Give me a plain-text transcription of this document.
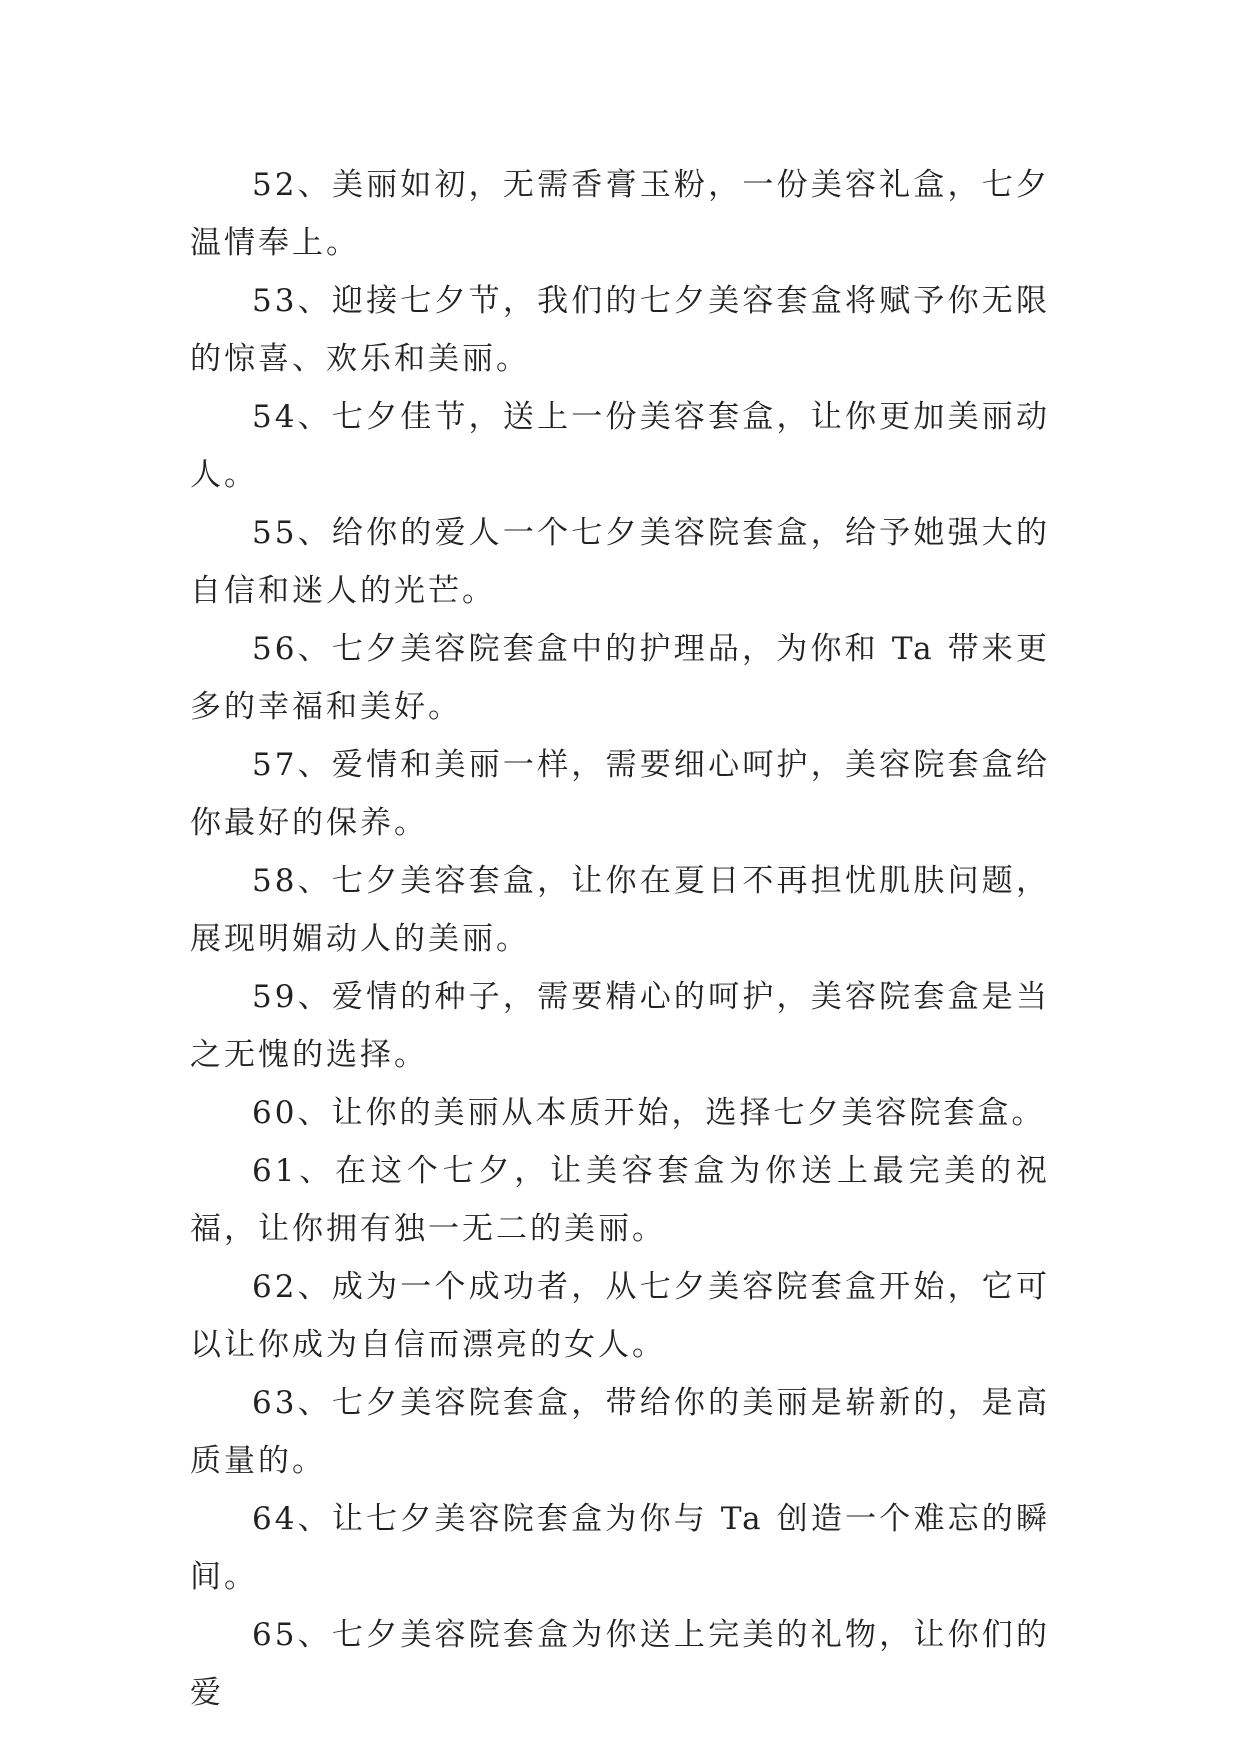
52、美丽如初，无需香膏玉粉，一份美容礼盒，七夕温情奉上。

53、迎接七夕节，我们的七夕美容套盒将赋予你无限的惊喜、欢乐和美丽。

54、七夕佳节，送上一份美容套盒，让你更加美丽动人。

55、给你的爱人一个七夕美容院套盒，给予她强大的自信和迷人的光芒。

56、七夕美容院套盒中的护理品，为你和 Ta 带来更多的幸福和美好。

57、爱情和美丽一样，需要细心呵护，美容院套盒给你最好的保养。

58、七夕美容套盒，让你在夏日不再担忧肌肤问题，展现明媚动人的美丽。

59、爱情的种子，需要精心的呵护，美容院套盒是当之无愧的选择。

60、让你的美丽从本质开始，选择七夕美容院套盒。

61、在这个七夕，让美容套盒为你送上最完美的祝福，让你拥有独一无二的美丽。

62、成为一个成功者，从七夕美容院套盒开始，它可以让你成为自信而漂亮的女人。

63、七夕美容院套盒，带给你的美丽是崭新的，是高质量的。

64、让七夕美容院套盒为你与 Ta 创造一个难忘的瞬间。

65、七夕美容院套盒为你送上完美的礼物，让你们的爱
